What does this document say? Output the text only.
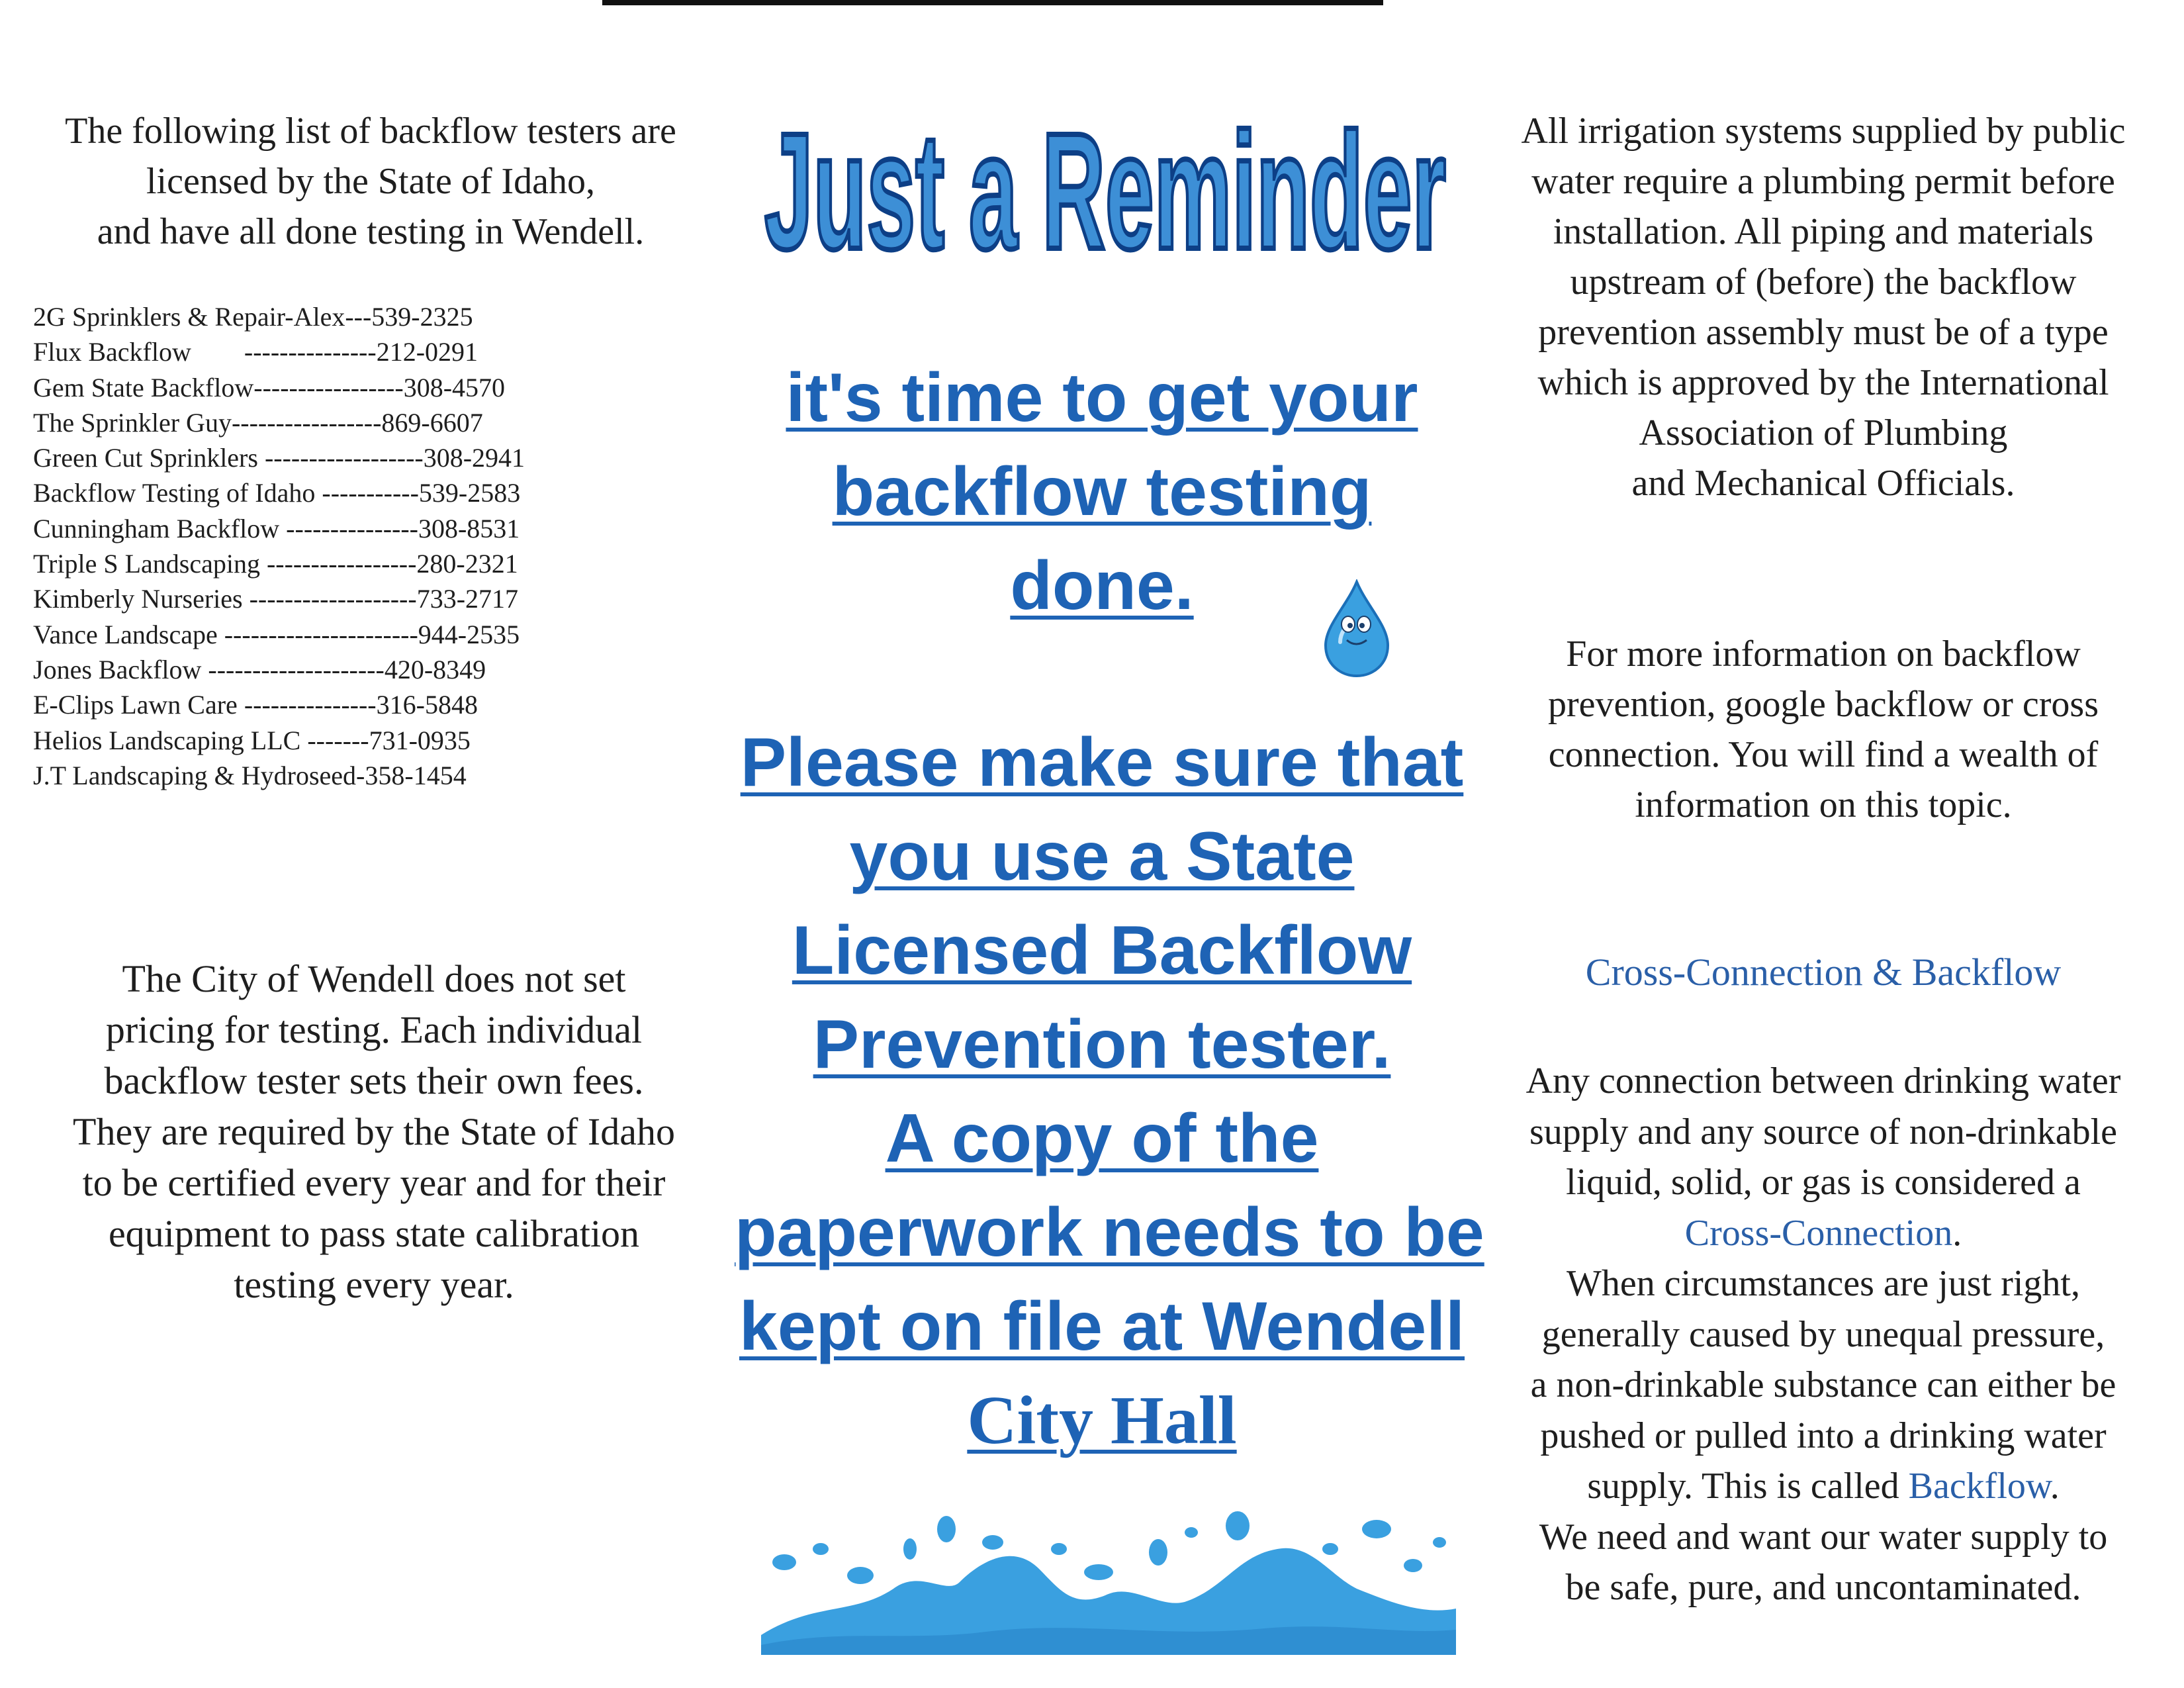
The following list of backflow testers are
licensed by the State of Idaho,
and have all done testing in Wendell.
2G Sprinklers & Repair-Alex---539-2325
Flux Backflow        ---------------212-0291
Gem State Backflow-----------------308-4570
The Sprinkler Guy-----------------869-6607
Green Cut Sprinklers ------------------308-2941
Backflow Testing of Idaho -----------539-2583
Cunningham Backflow ---------------308-8531
Triple S Landscaping -----------------280-2321
Kimberly Nurseries -------------------733-2717
Vance Landscape ----------------------944-2535
Jones Backflow --------------------420-8349
E-Clips Lawn Care ---------------316-5848
Helios Landscaping LLC -------731-0935
J.T Landscaping & Hydroseed-358-1454
The City of Wendell does not set
pricing for testing. Each individual
backflow tester sets their own fees.
They are required by the State of Idaho
to be certified every year and for their
equipment to pass state calibration
testing every year.
Just a Reminder
it's time to get your
backflow testing
done.
Please make sure that
you use a State
Licensed Backflow
Prevention tester.
A copy of the
paperwork needs to be
kept on file at Wendell
City Hall
All irrigation systems supplied by public
water require a plumbing permit before
installation. All piping and materials
upstream of (before) the backflow
prevention assembly must be of a type
which is approved by the International
Association of Plumbing
and Mechanical Officials.
For more information on backflow
prevention, google backflow or cross
connection. You will find a wealth of
information on this topic.
Cross-Connection & Backflow
Any connection between drinking water
supply and any source of non-drinkable
liquid, solid, or gas is considered a
Cross-Connection.
When circumstances are just right,
generally caused by unequal pressure,
a non-drinkable substance can either be
pushed or pulled into a drinking water
supply. This is called Backflow.
We need and want our water supply to
be safe, pure, and uncontaminated.
